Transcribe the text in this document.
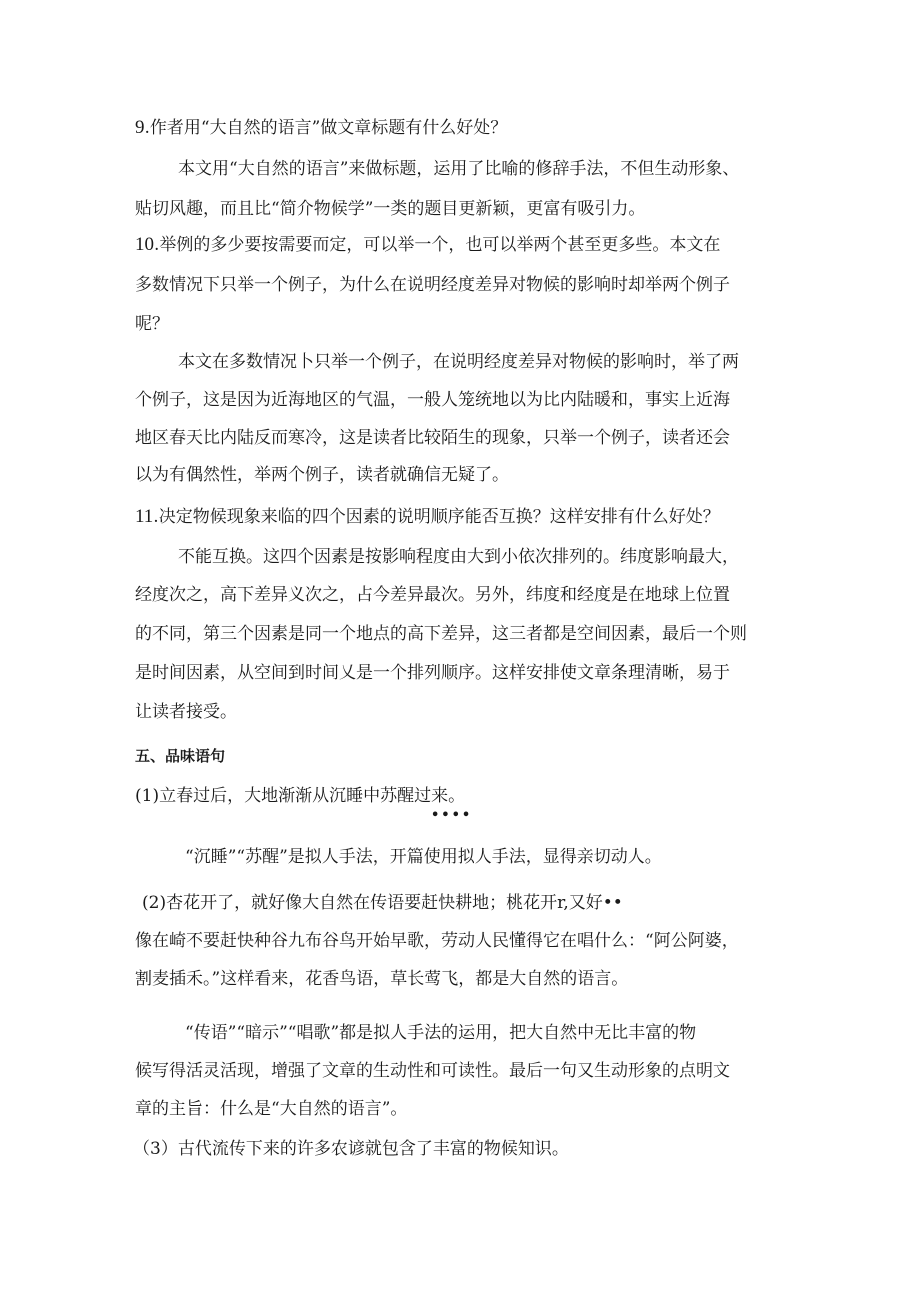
9.作者用“大自然的语言”做文章标题有什么好处？
本文用“大自然的语言”来做标题，运用了比喻的修辞手法，不但生动形象、
贴切风趣，而且比“简介物候学”一类的题目更新颖，更富有吸引力。
10.举例的多少要按需要而定，可以举一个，也可以举两个甚至更多些。本文在
多数情况下只举一个例子，为什么在说明经度差异对物候的影响时却举两个例子
呢？
本文在多数情况卜只举一个例子，在说明经度差异对物候的影响时，举了两
个例子，这是因为近海地区的气温，一般人笼统地以为比内陆暖和，事实上近海
地区春天比内陆反而寒冷，这是读者比较陌生的现象，只举一个例子，读者还会
以为有偶然性，举两个例子，读者就确信无疑了。
11.决定物候现象来临的四个因素的说明顺序能否互换？这样安排有什么好处？
不能互换。这四个因素是按影响程度由大到小依次排列的。纬度影响最大，
经度次之，高下差异义次之，占今差异最次。另外，纬度和经度是在地球上位置
的不同，第三个因素是同一个地点的高下差异，这三者都是空间因素，最后一个则
是时间因素，从空间到时间乂是一个排列顺序。这样安排使文章条理清晰，易于
让读者接受。
五、品味语句
(1)立春过后，大地渐渐从沉睡中苏醒过来。
••••
“沉睡”“苏醒”是拟人手法，开篇使用拟人手法，显得亲切动人。
(2)杏花开了，就好像大自然在传语要赶快耕地；桃花开r,又好••
像在崎不要赶快种谷九布谷鸟开始早歌，劳动人民懂得它在唱什么：“阿公阿婆，
割麦插禾。”这样看来，花香鸟语，草长莺飞，都是大自然的语言。
“传语”“暗示”“唱歌”都是拟人手法的运用，把大自然中无比丰富的物
候写得活灵活现，增强了文章的生动性和可读性。最后一句又生动形象的点明文
章的主旨：什么是“大自然的语言”。
（3）古代流传下来的许多农谚就包含了丰富的物候知识。
